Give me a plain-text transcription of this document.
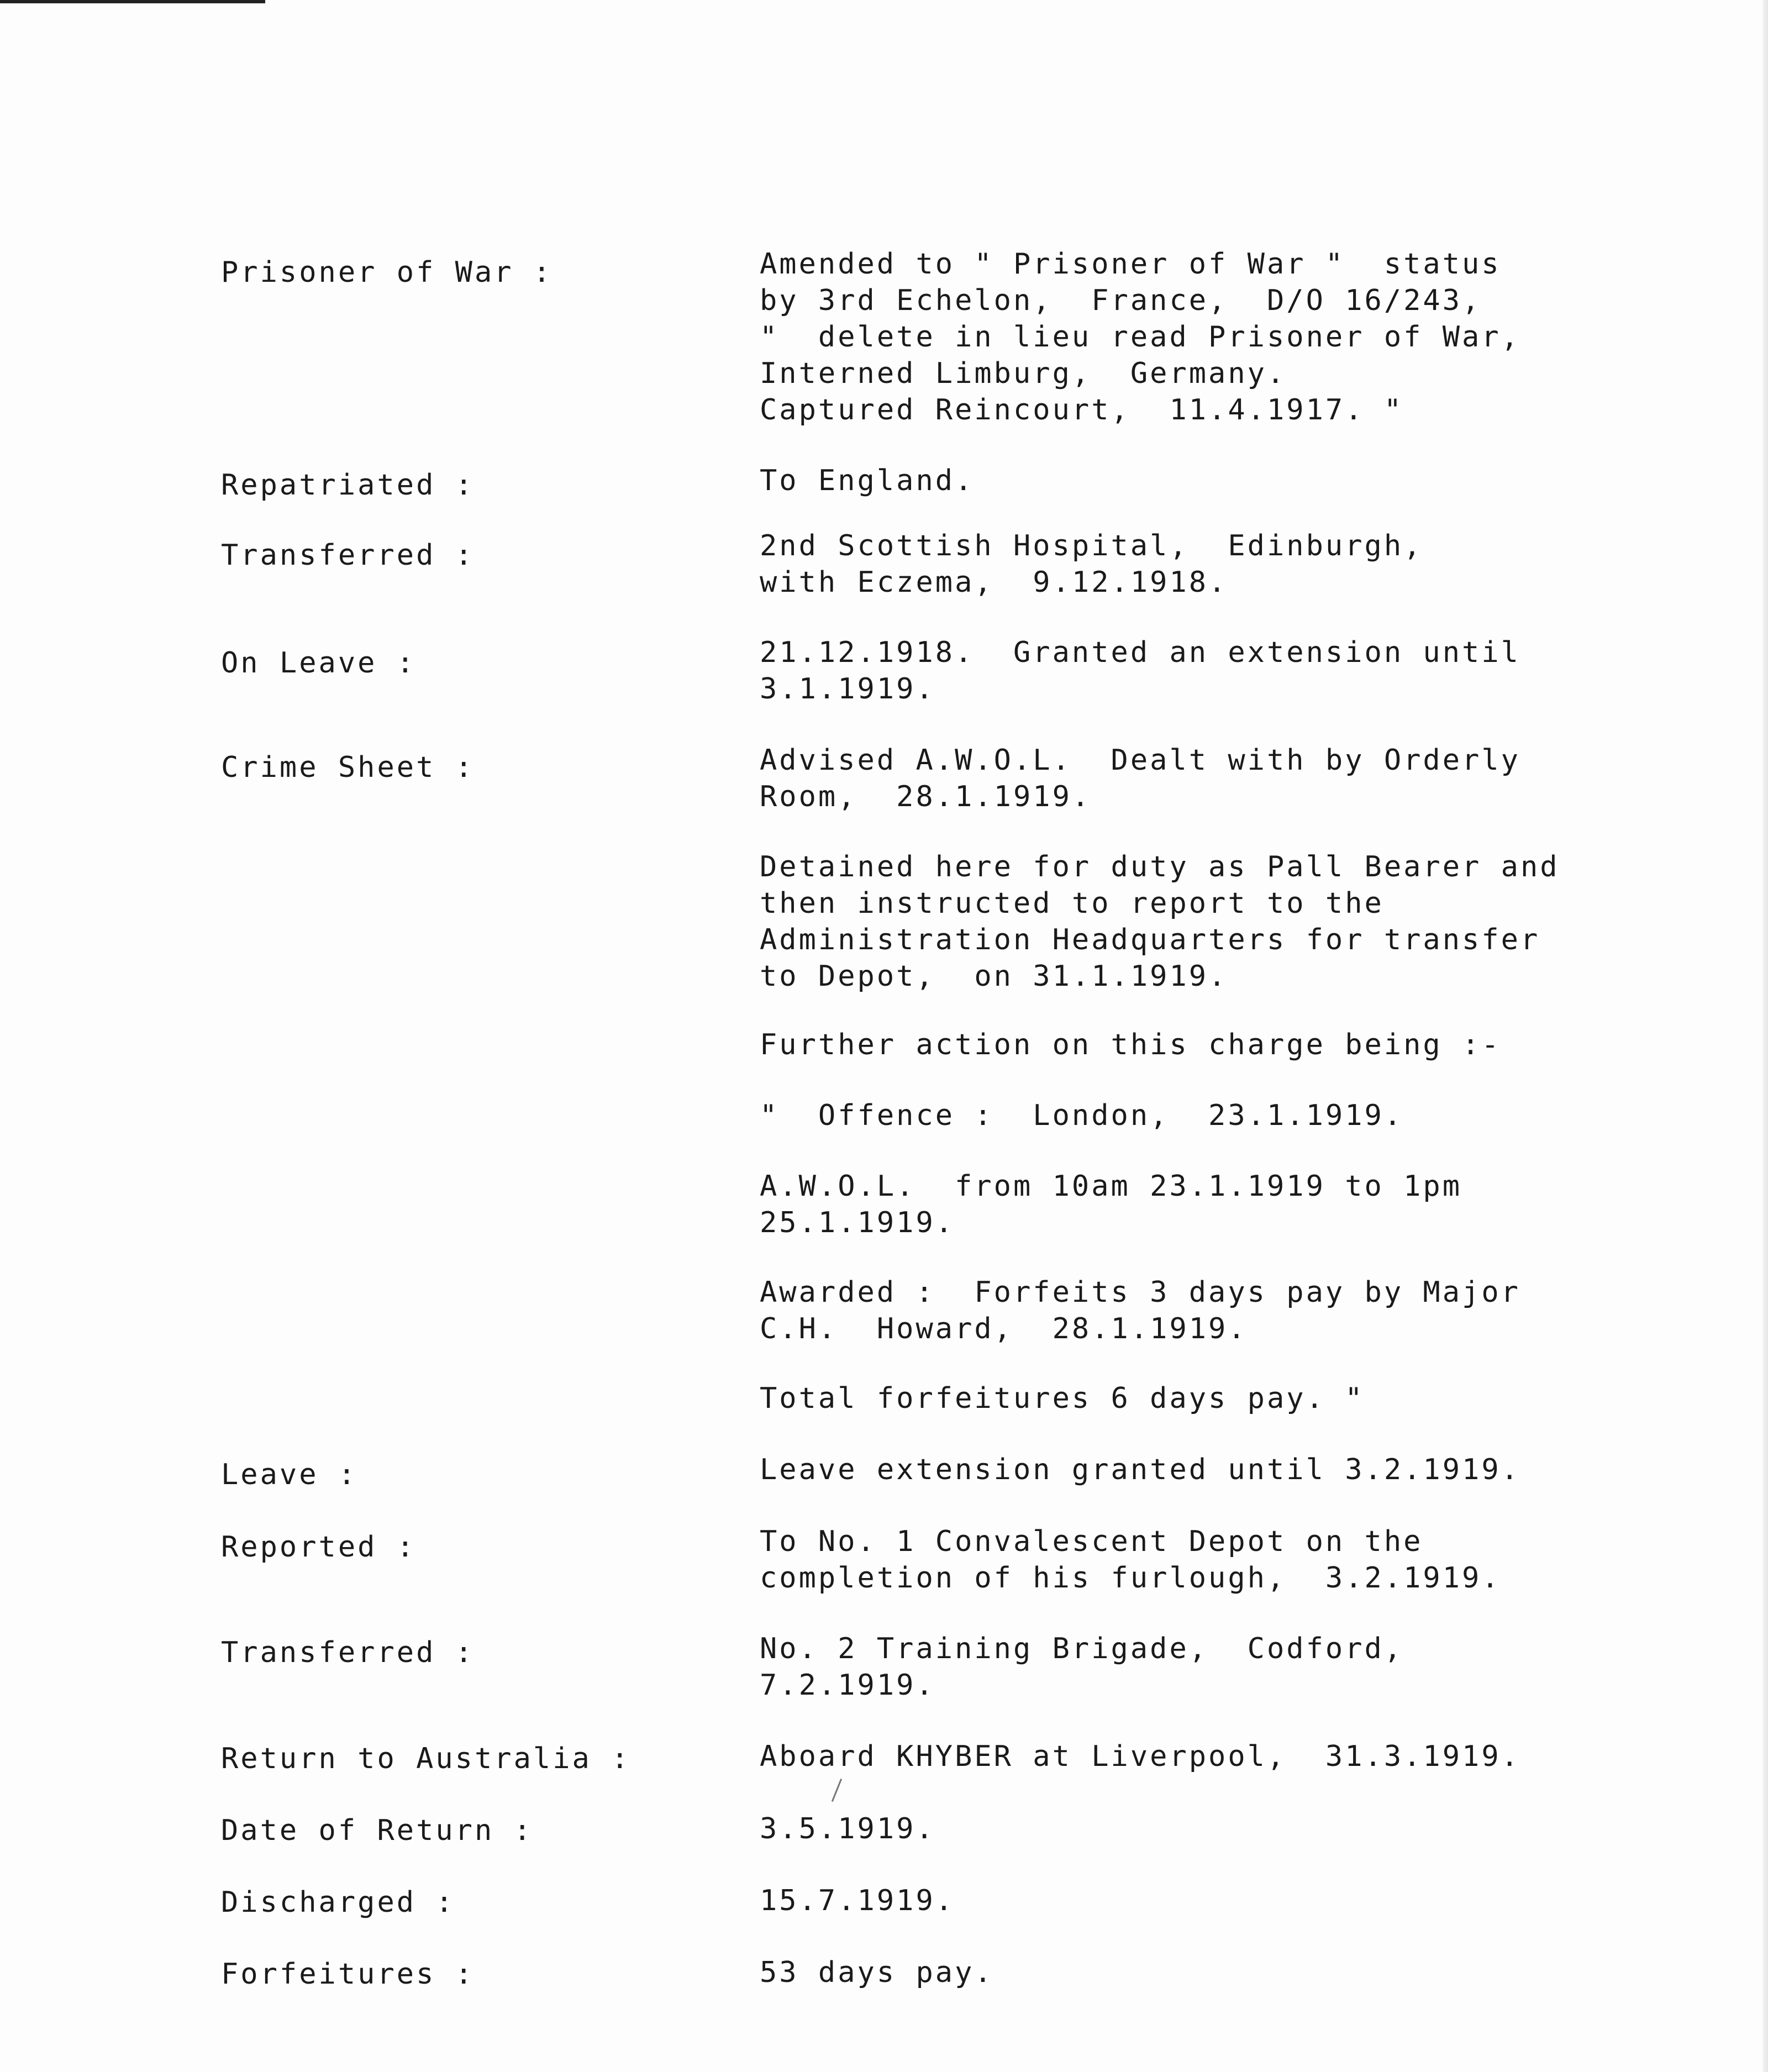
Prisoner of War :	Amended to " Prisoner of War "  status
by 3rd Echelon,  France,  D/O 16/243,
"  delete in lieu read Prisoner of War,
Interned Limburg,  Germany.
Captured Reincourt,  11.4.1917. "
Repatriated :	To England.
Transferred :	2nd Scottish Hospital,  Edinburgh,
with Eczema,  9.12.1918.
On Leave :	21.12.1918.  Granted an extension until
3.1.1919.
Crime Sheet :	Advised A.W.O.L.  Dealt with by Orderly
Room,  28.1.1919.
Detained here for duty as Pall Bearer and
then instructed to report to the
Administration Headquarters for transfer
to Depot,  on 31.1.1919.
Further action on this charge being :-
"  Offence :  London,  23.1.1919.
A.W.O.L.  from 10am 23.1.1919 to 1pm
25.1.1919.
Awarded :  Forfeits 3 days pay by Major
C.H.  Howard,  28.1.1919.
Total forfeitures 6 days pay. "
Leave :	Leave extension granted until 3.2.1919.
Reported :	To No. 1 Convalescent Depot on the
completion of his furlough,  3.2.1919.
Transferred :	No. 2 Training Brigade,  Codford,
7.2.1919.
Return to Australia :	Aboard KHYBER at Liverpool,  31.3.1919.
Date of Return :	3.5.1919.
Discharged :	15.7.1919.
Forfeitures :	53 days pay.
